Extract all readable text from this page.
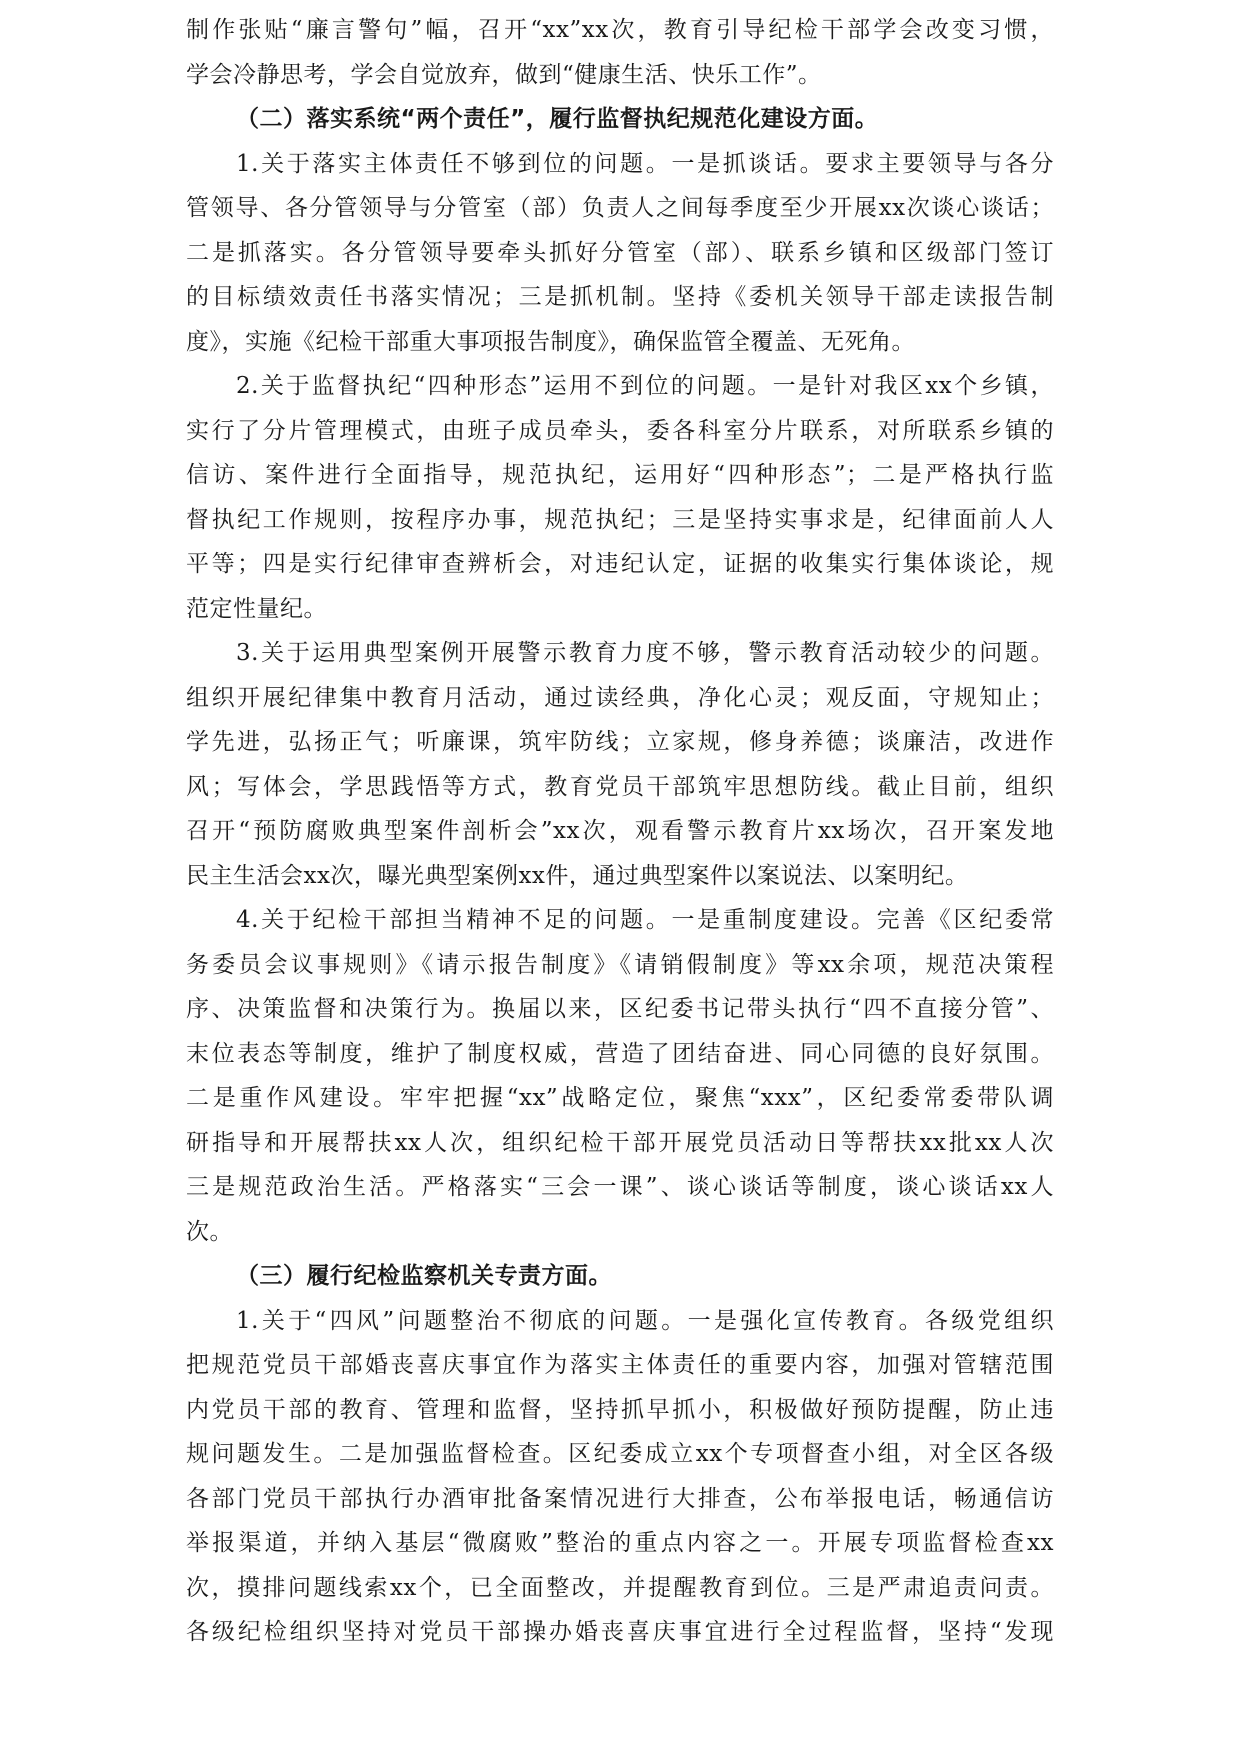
制作张贴“廉言警句”幅，召开“xx”xx次，教育引导纪检干部学会改变习惯，
学会冷静思考，学会自觉放弃，做到“健康生活、快乐工作”。
（二）落实系统“两个责任”，履行监督执纪规范化建设方面。
1.关于落实主体责任不够到位的问题。一是抓谈话。要求主要领导与各分
管领导、各分管领导与分管室（部）负责人之间每季度至少开展xx次谈心谈话；
二是抓落实。各分管领导要牵头抓好分管室（部）、联系乡镇和区级部门签订
的目标绩效责任书落实情况；三是抓机制。坚持《委机关领导干部走读报告制
度》，实施《纪检干部重大事项报告制度》，确保监管全覆盖、无死角。
2.关于监督执纪“四种形态”运用不到位的问题。一是针对我区xx个乡镇，
实行了分片管理模式，由班子成员牵头，委各科室分片联系，对所联系乡镇的
信访、案件进行全面指导，规范执纪，运用好“四种形态”；二是严格执行监
督执纪工作规则，按程序办事，规范执纪；三是坚持实事求是，纪律面前人人
平等；四是实行纪律审查辨析会，对违纪认定，证据的收集实行集体谈论，规
范定性量纪。
3.关于运用典型案例开展警示教育力度不够，警示教育活动较少的问题。
组织开展纪律集中教育月活动，通过读经典，净化心灵；观反面，守规知止；
学先进，弘扬正气；听廉课，筑牢防线；立家规，修身养德；谈廉洁，改进作
风；写体会，学思践悟等方式，教育党员干部筑牢思想防线。截止目前，组织
召开“预防腐败典型案件剖析会”xx次，观看警示教育片xx场次，召开案发地
民主生活会xx次，曝光典型案例xx件，通过典型案件以案说法、以案明纪。
4.关于纪检干部担当精神不足的问题。一是重制度建设。完善《区纪委常
务委员会议事规则》《请示报告制度》《请销假制度》等xx余项，规范决策程
序、决策监督和决策行为。换届以来，区纪委书记带头执行“四不直接分管”、
末位表态等制度，维护了制度权威，营造了团结奋进、同心同德的良好氛围。
二是重作风建设。牢牢把握“xx”战略定位，聚焦“xxx”，区纪委常委带队调
研指导和开展帮扶xx人次，组织纪检干部开展党员活动日等帮扶xx批xx人次
三是规范政治生活。严格落实“三会一课”、谈心谈话等制度，谈心谈话xx人
次。
（三）履行纪检监察机关专责方面。
1.关于“四风”问题整治不彻底的问题。一是强化宣传教育。各级党组织
把规范党员干部婚丧喜庆事宜作为落实主体责任的重要内容，加强对管辖范围
内党员干部的教育、管理和监督，坚持抓早抓小，积极做好预防提醒，防止违
规问题发生。二是加强监督检查。区纪委成立xx个专项督查小组，对全区各级
各部门党员干部执行办酒审批备案情况进行大排查，公布举报电话，畅通信访
举报渠道，并纳入基层“微腐败”整治的重点内容之一。开展专项监督检查xx
次，摸排问题线索xx个，已全面整改，并提醒教育到位。三是严肃追责问责。
各级纪检组织坚持对党员干部操办婚丧喜庆事宜进行全过程监督，坚持“发现
